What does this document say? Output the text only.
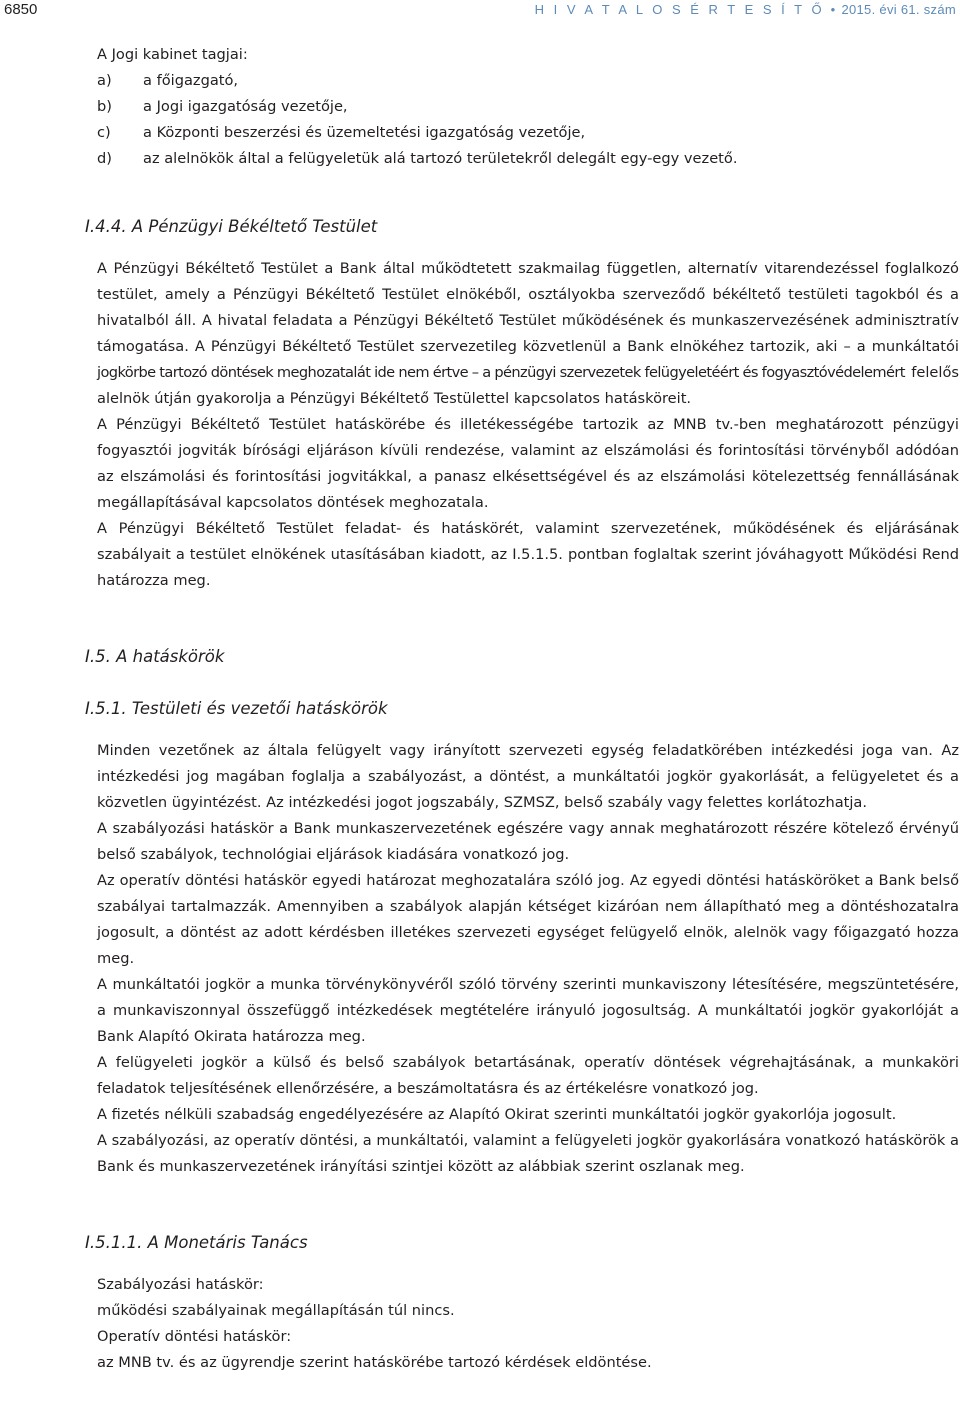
6850	H I V A T A L O S É R T E S Í T Ő • 2015. évi 61. szám

A Jogi kabinet tagjai:

a)	a főigazgató,
b)	a Jogi igazgatóság vezetője,
c)	a Központi beszerzési és üzemeltetési igazgatóság vezetője,
d)	az alelnökök által a felügyeletük alá tartozó területekről delegált egy-egy vezető.
I.4.4. A Pénzügyi Békéltető Testület

A Pénzügyi Békéltető Testület a Bank által működtetett szakmailag független, alternatív vitarendezéssel foglalkozó testület, amely a Pénzügyi Békéltető Testület elnökéből, osztályokba szerveződő békéltető testületi tagokból és a hivatalból áll. A hivatal feladata a Pénzügyi Békéltető Testület működésének és munkaszervezésének adminisztratív támogatása. A Pénzügyi Békéltető Testület szervezetileg közvetlenül a Bank elnökéhez tartozik, aki – a munkáltatói jogkörbe tartozó döntések meghozatalát ide nem értve – a pénzügyi szervezetek felügyeletéért és fogyasztóvédelemért felelős alelnök útján gyakorolja a Pénzügyi Békéltető Testülettel kapcsolatos hatásköreit.

A Pénzügyi Békéltető Testület hatáskörébe és illetékességébe tartozik az MNB tv.-ben meghatározott pénzügyi fogyasztói jogviták bírósági eljáráson kívüli rendezése, valamint az elszámolási és forintosítási törvényből adódóan az elszámolási és forintosítási jogvitákkal, a panasz elkésettségével és az elszámolási kötelezettség fennállásának megállapításával kapcsolatos döntések meghozatala.

A Pénzügyi Békéltető Testület feladat- és hatáskörét, valamint szervezetének, működésének és eljárásának szabályait a testület elnökének utasításában kiadott, az I.5.1.5. pontban foglaltak szerint jóváhagyott Működési Rend határozza meg.

I.5. A hatáskörök
I.5.1. Testületi és vezetői hatáskörök

Minden vezetőnek az általa felügyelt vagy irányított szervezeti egység feladatkörében intézkedési joga van. Az intézkedési jog magában foglalja a szabályozást, a döntést, a munkáltatói jogkör gyakorlását, a felügyeletet és a közvetlen ügyintézést. Az intézkedési jogot jogszabály, SZMSZ, belső szabály vagy felettes korlátozhatja.

A szabályozási hatáskör a Bank munkaszervezetének egészére vagy annak meghatározott részére kötelező érvényű belső szabályok, technológiai eljárások kiadására vonatkozó jog.

Az operatív döntési hatáskör egyedi határozat meghozatalára szóló jog. Az egyedi döntési hatásköröket a Bank belső szabályai tartalmazzák. Amennyiben a szabályok alapján kétséget kizáróan nem állapítható meg a döntéshozatalra jogosult, a döntést az adott kérdésben illetékes szervezeti egységet felügyelő elnök, alelnök vagy főigazgató hozza meg.

A munkáltatói jogkör a munka törvénykönyvéről szóló törvény szerinti munkaviszony létesítésére, megszüntetésére, a munkaviszonnyal összefüggő intézkedések megtételére irányuló jogosultság. A munkáltatói jogkör gyakorlóját a Bank Alapító Okirata határozza meg.

A felügyeleti jogkör a külső és belső szabályok betartásának, operatív döntések végrehajtásának, a munkaköri feladatok teljesítésének ellenőrzésére, a beszámoltatásra és az értékelésre vonatkozó jog.

A fizetés nélküli szabadság engedélyezésére az Alapító Okirat szerinti munkáltatói jogkör gyakorlója jogosult.

A szabályozási, az operatív döntési, a munkáltatói, valamint a felügyeleti jogkör gyakorlására vonatkozó hatáskörök a Bank és munkaszervezetének irányítási szintjei között az alábbiak szerint oszlanak meg.

I.5.1.1. A Monetáris Tanács

Szabályozási hatáskör:

működési szabályainak megállapításán túl nincs.

Operatív döntési hatáskör:

az MNB tv. és az ügyrendje szerint hatáskörébe tartozó kérdések eldöntése.
